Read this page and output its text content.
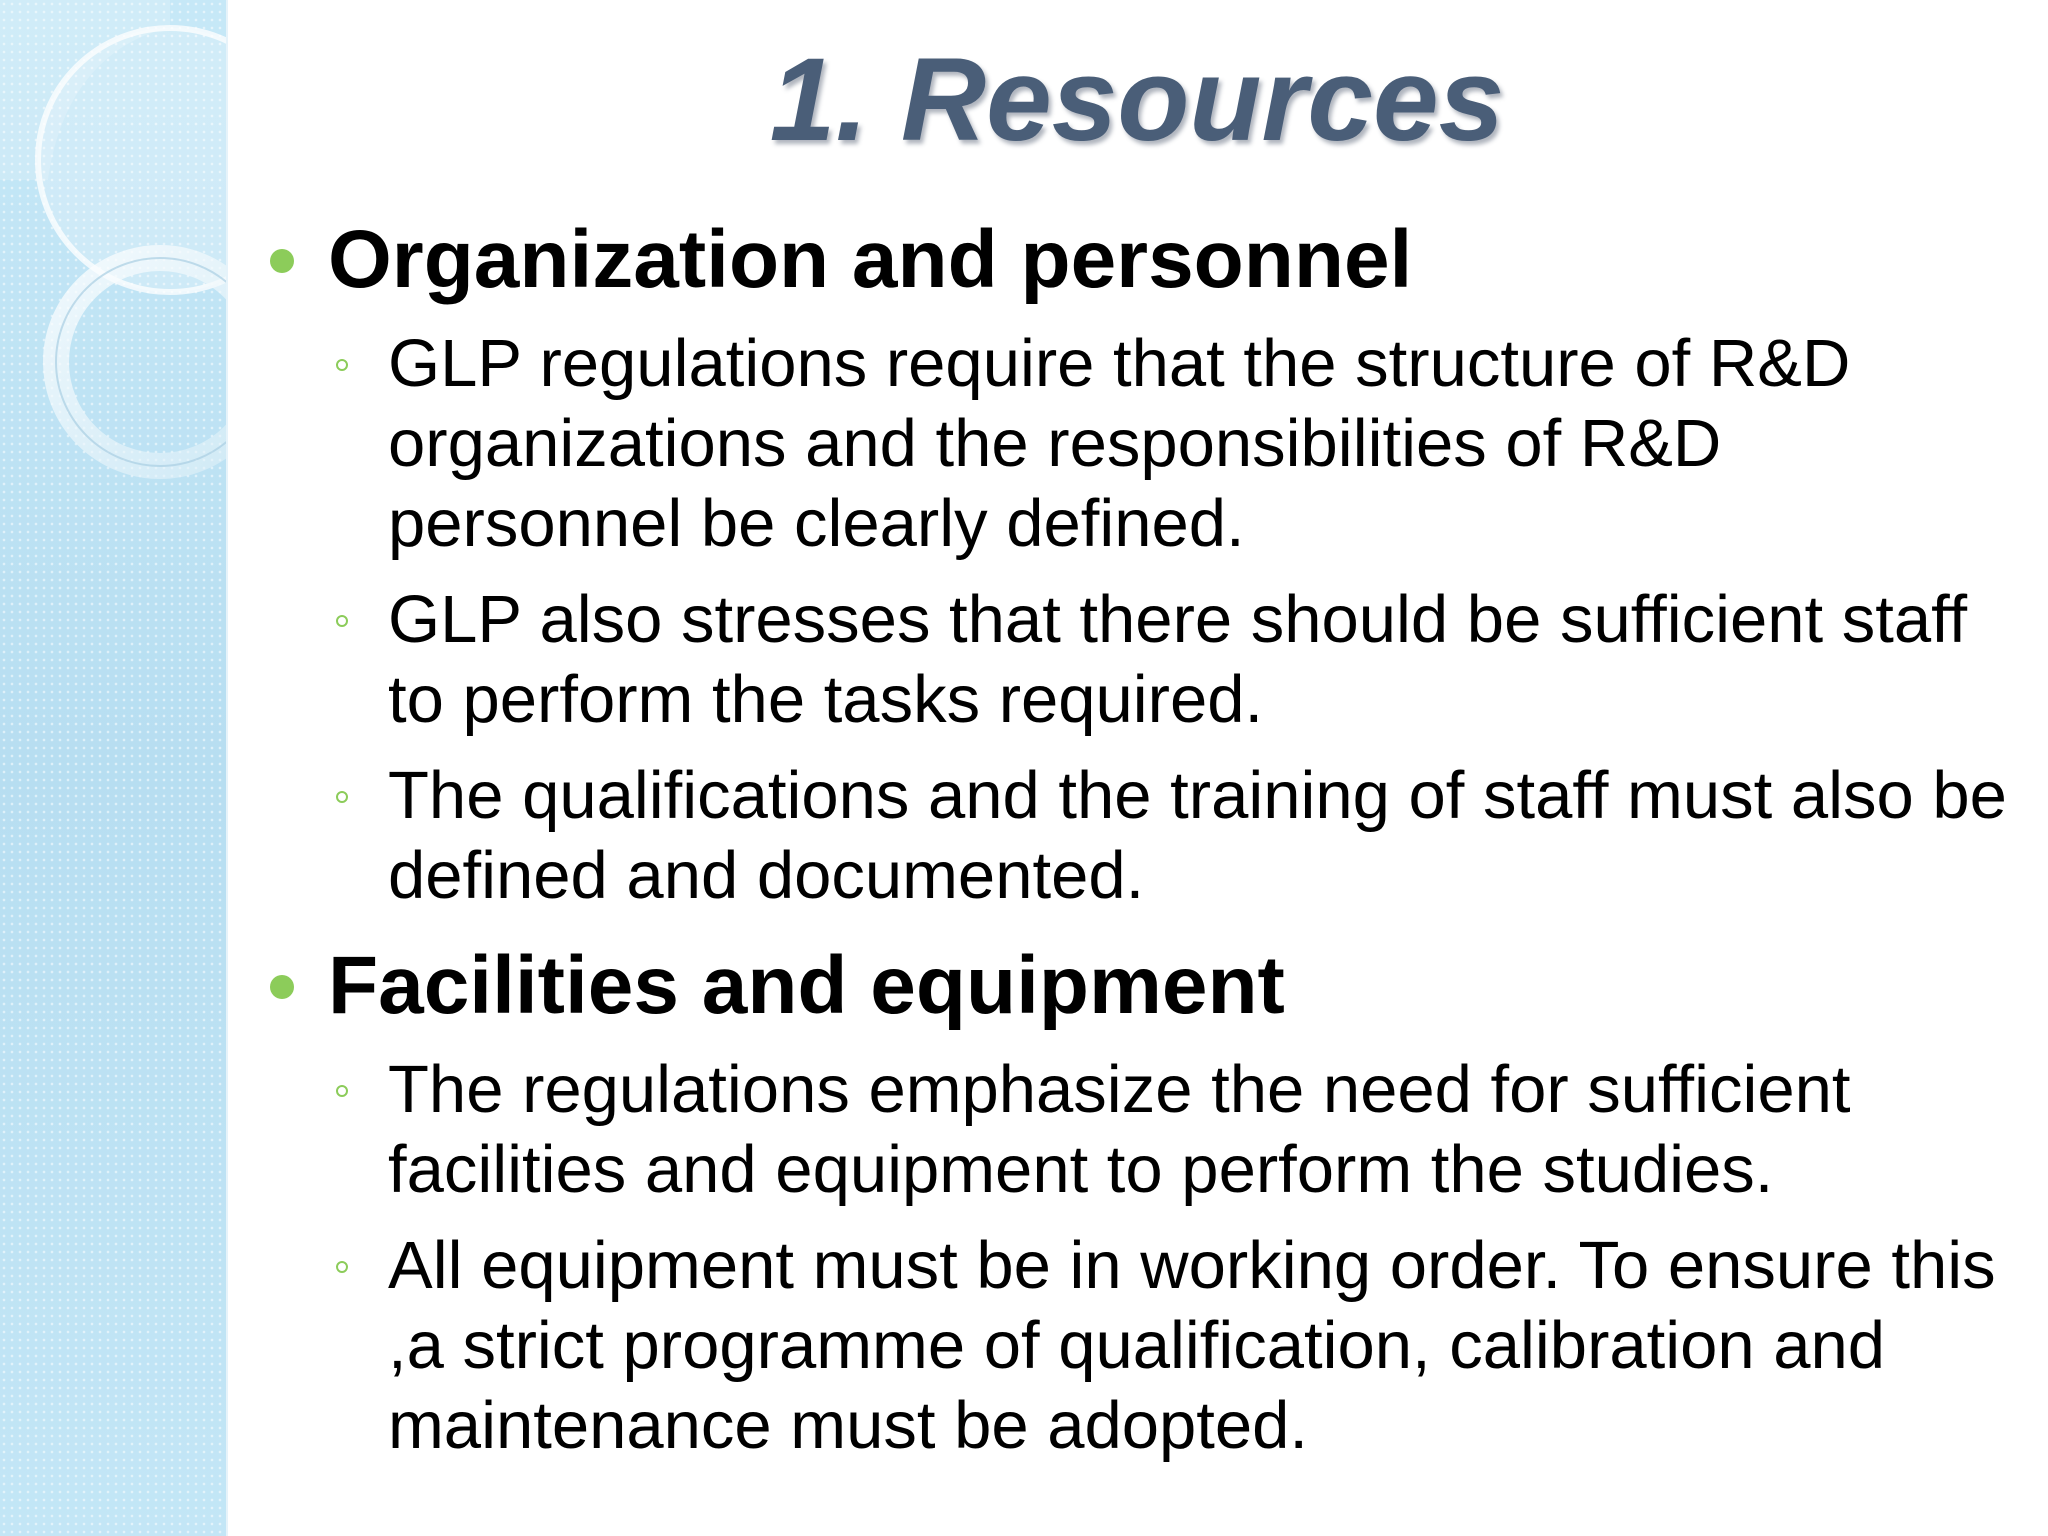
1. Resources
Organization and personnel
GLP regulations require that the structure of R&D organizations and the responsibilities of R&D personnel be clearly defined.
GLP also stresses that there should be sufficient staff to perform the tasks required.
The qualifications and the training of staff must also be defined and documented.
Facilities and equipment
The regulations emphasize the need for sufficient facilities and equipment to perform the studies.
All equipment must be in working order. To ensure this ,a strict programme of qualification, calibration and maintenance must be adopted.
